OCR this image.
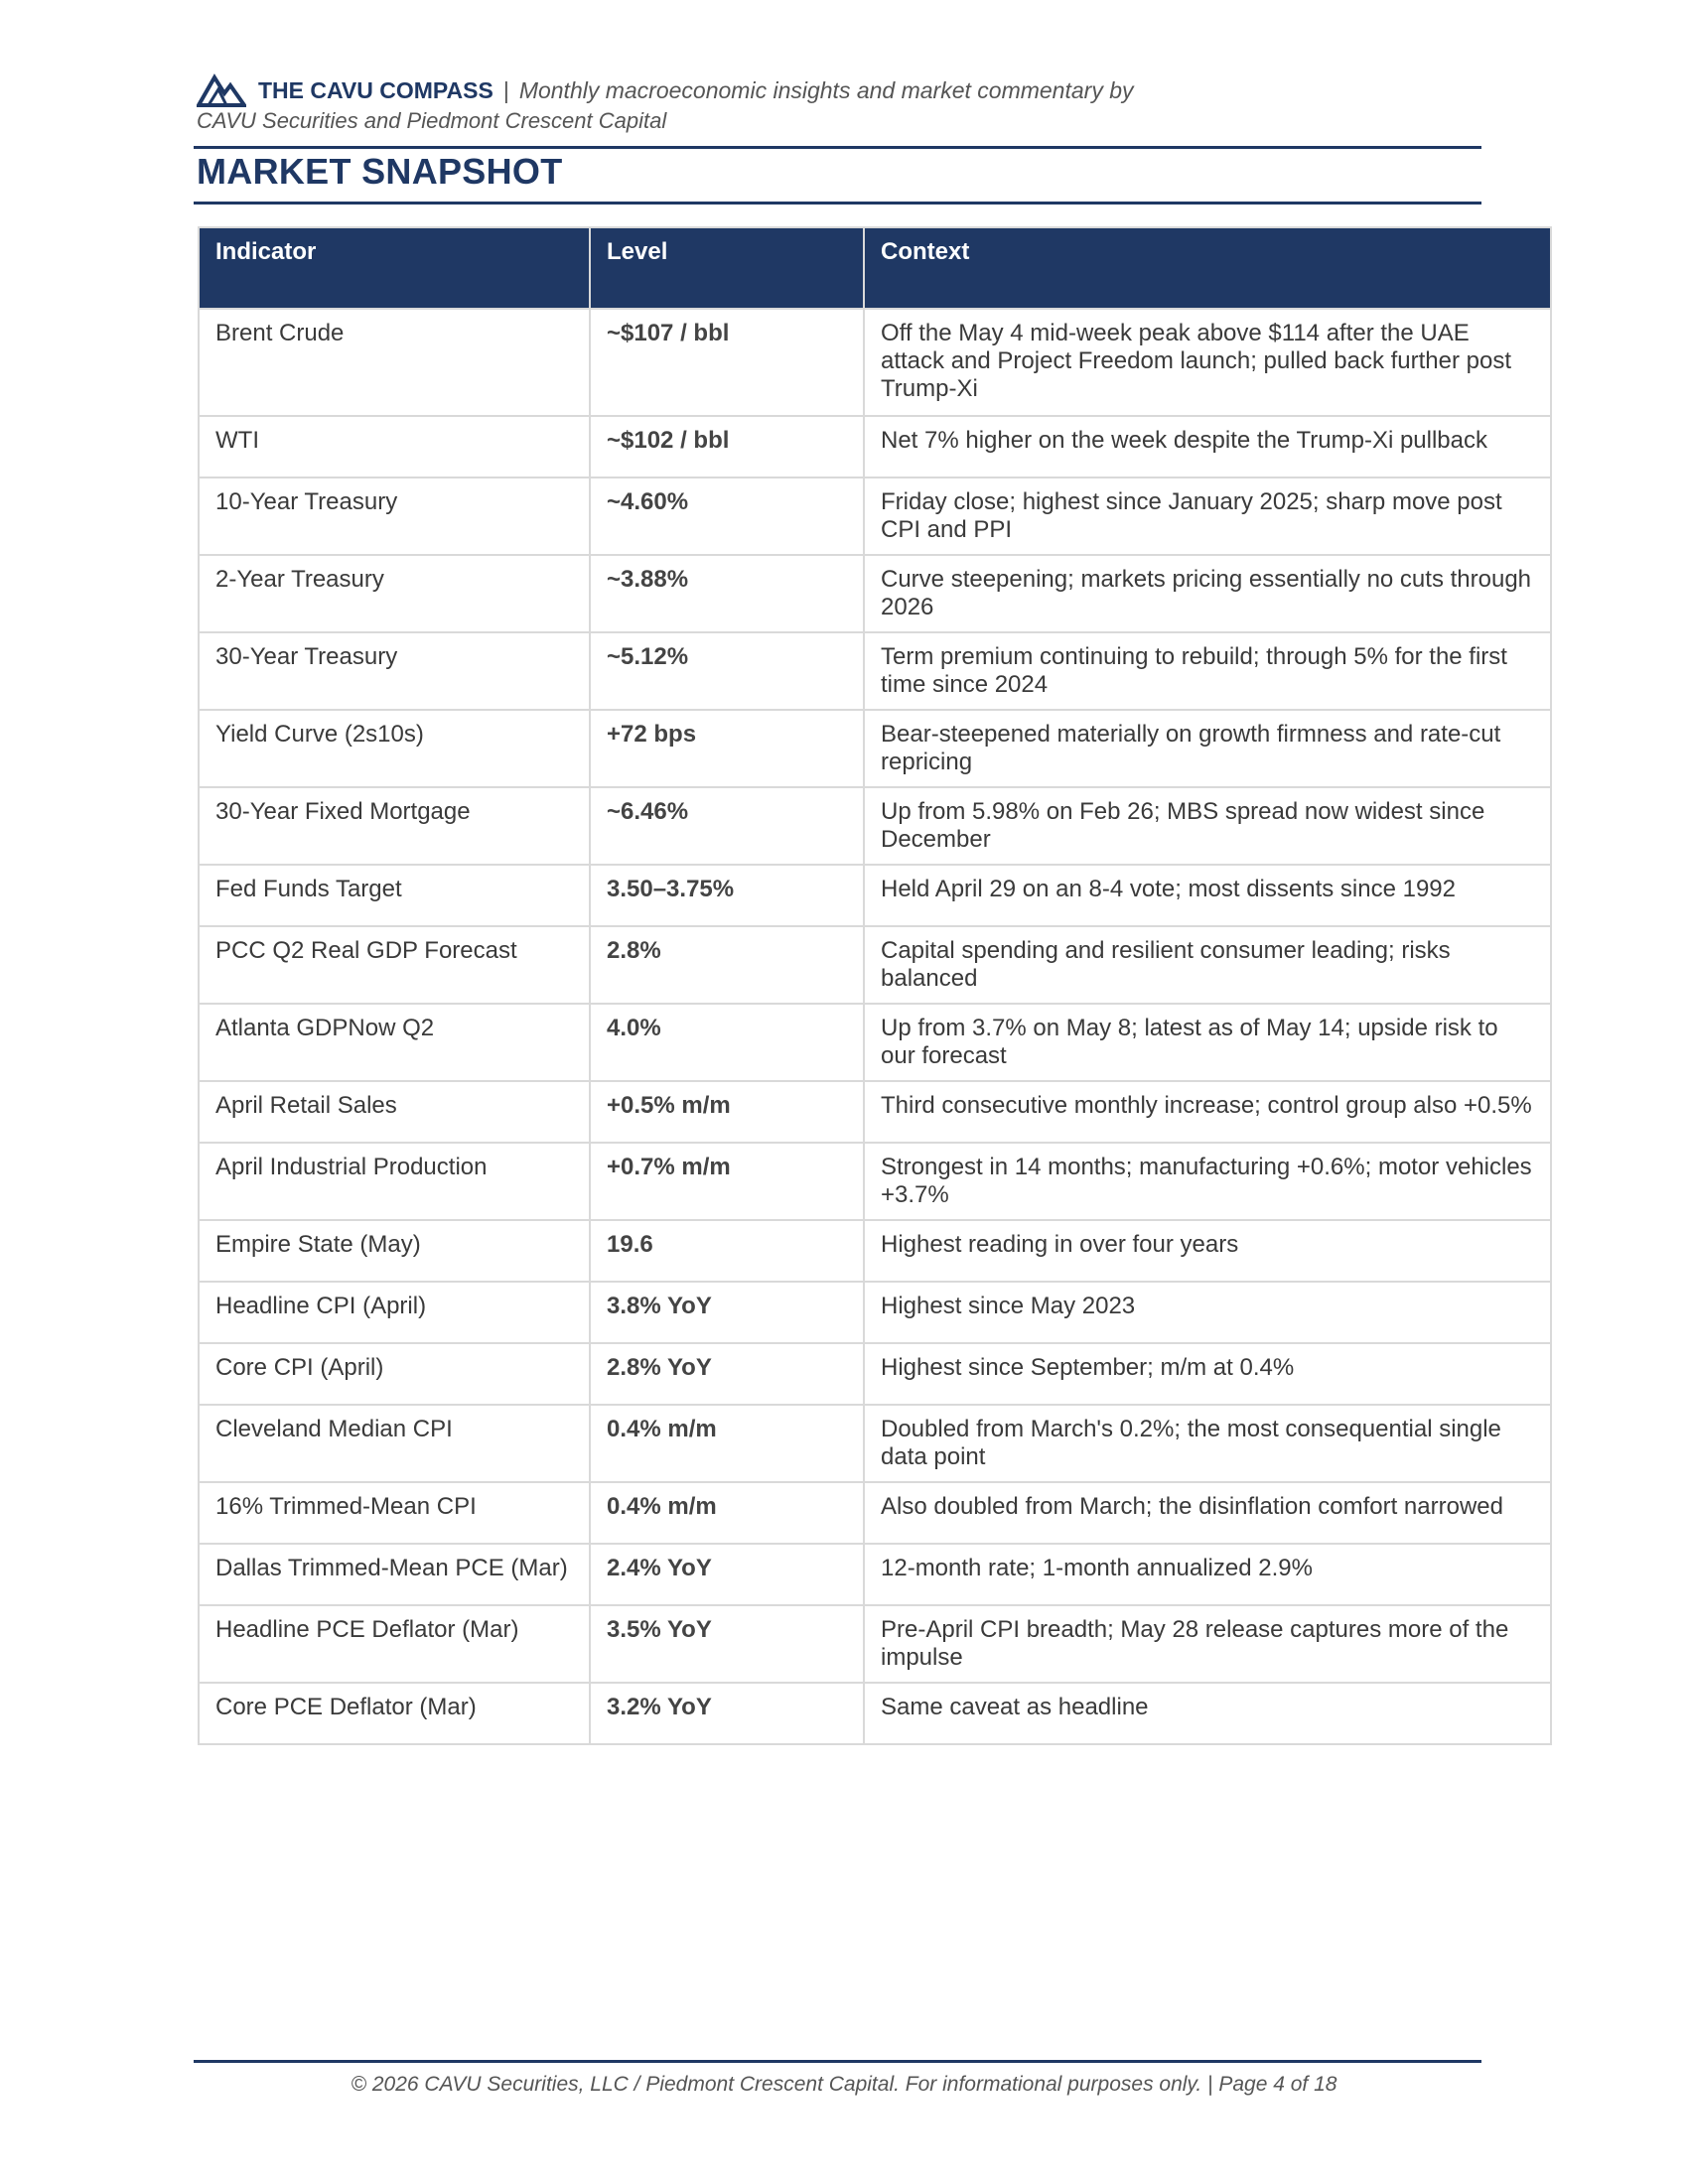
THE CAVU COMPASS | Monthly macroeconomic insights and market commentary by
CAVU Securities and Piedmont Crescent Capital
MARKET SNAPSHOT
Indicator	Level	Context
Brent Crude	~$107 / bbl	Off the May 4 mid-week peak above $114 after the UAE attack and Project Freedom launch; pulled back further post Trump-Xi
WTI	~$102 / bbl	Net 7% higher on the week despite the Trump-Xi pullback
10-Year Treasury	~4.60%	Friday close; highest since January 2025; sharp move post CPI and PPI
2-Year Treasury	~3.88%	Curve steepening; markets pricing essentially no cuts through 2026
30-Year Treasury	~5.12%	Term premium continuing to rebuild; through 5% for the first time since 2024
Yield Curve (2s10s)	+72 bps	Bear-steepened materially on growth firmness and rate-cut repricing
30-Year Fixed Mortgage	~6.46%	Up from 5.98% on Feb 26; MBS spread now widest since December
Fed Funds Target	3.50–3.75%	Held April 29 on an 8-4 vote; most dissents since 1992
PCC Q2 Real GDP Forecast	2.8%	Capital spending and resilient consumer leading; risks balanced
Atlanta GDPNow Q2	4.0%	Up from 3.7% on May 8; latest as of May 14; upside risk to our forecast
April Retail Sales	+0.5% m/m	Third consecutive monthly increase; control group also +0.5%
April Industrial Production	+0.7% m/m	Strongest in 14 months; manufacturing +0.6%; motor vehicles +3.7%
Empire State (May)	19.6	Highest reading in over four years
Headline CPI (April)	3.8% YoY	Highest since May 2023
Core CPI (April)	2.8% YoY	Highest since September; m/m at 0.4%
Cleveland Median CPI	0.4% m/m	Doubled from March's 0.2%; the most consequential single data point
16% Trimmed-Mean CPI	0.4% m/m	Also doubled from March; the disinflation comfort narrowed
Dallas Trimmed-Mean PCE (Mar)	2.4% YoY	12-month rate; 1-month annualized 2.9%
Headline PCE Deflator (Mar)	3.5% YoY	Pre-April CPI breadth; May 28 release captures more of the impulse
Core PCE Deflator (Mar)	3.2% YoY	Same caveat as headline
© 2026 CAVU Securities, LLC / Piedmont Crescent Capital. For informational purposes only. | Page 4 of 18
